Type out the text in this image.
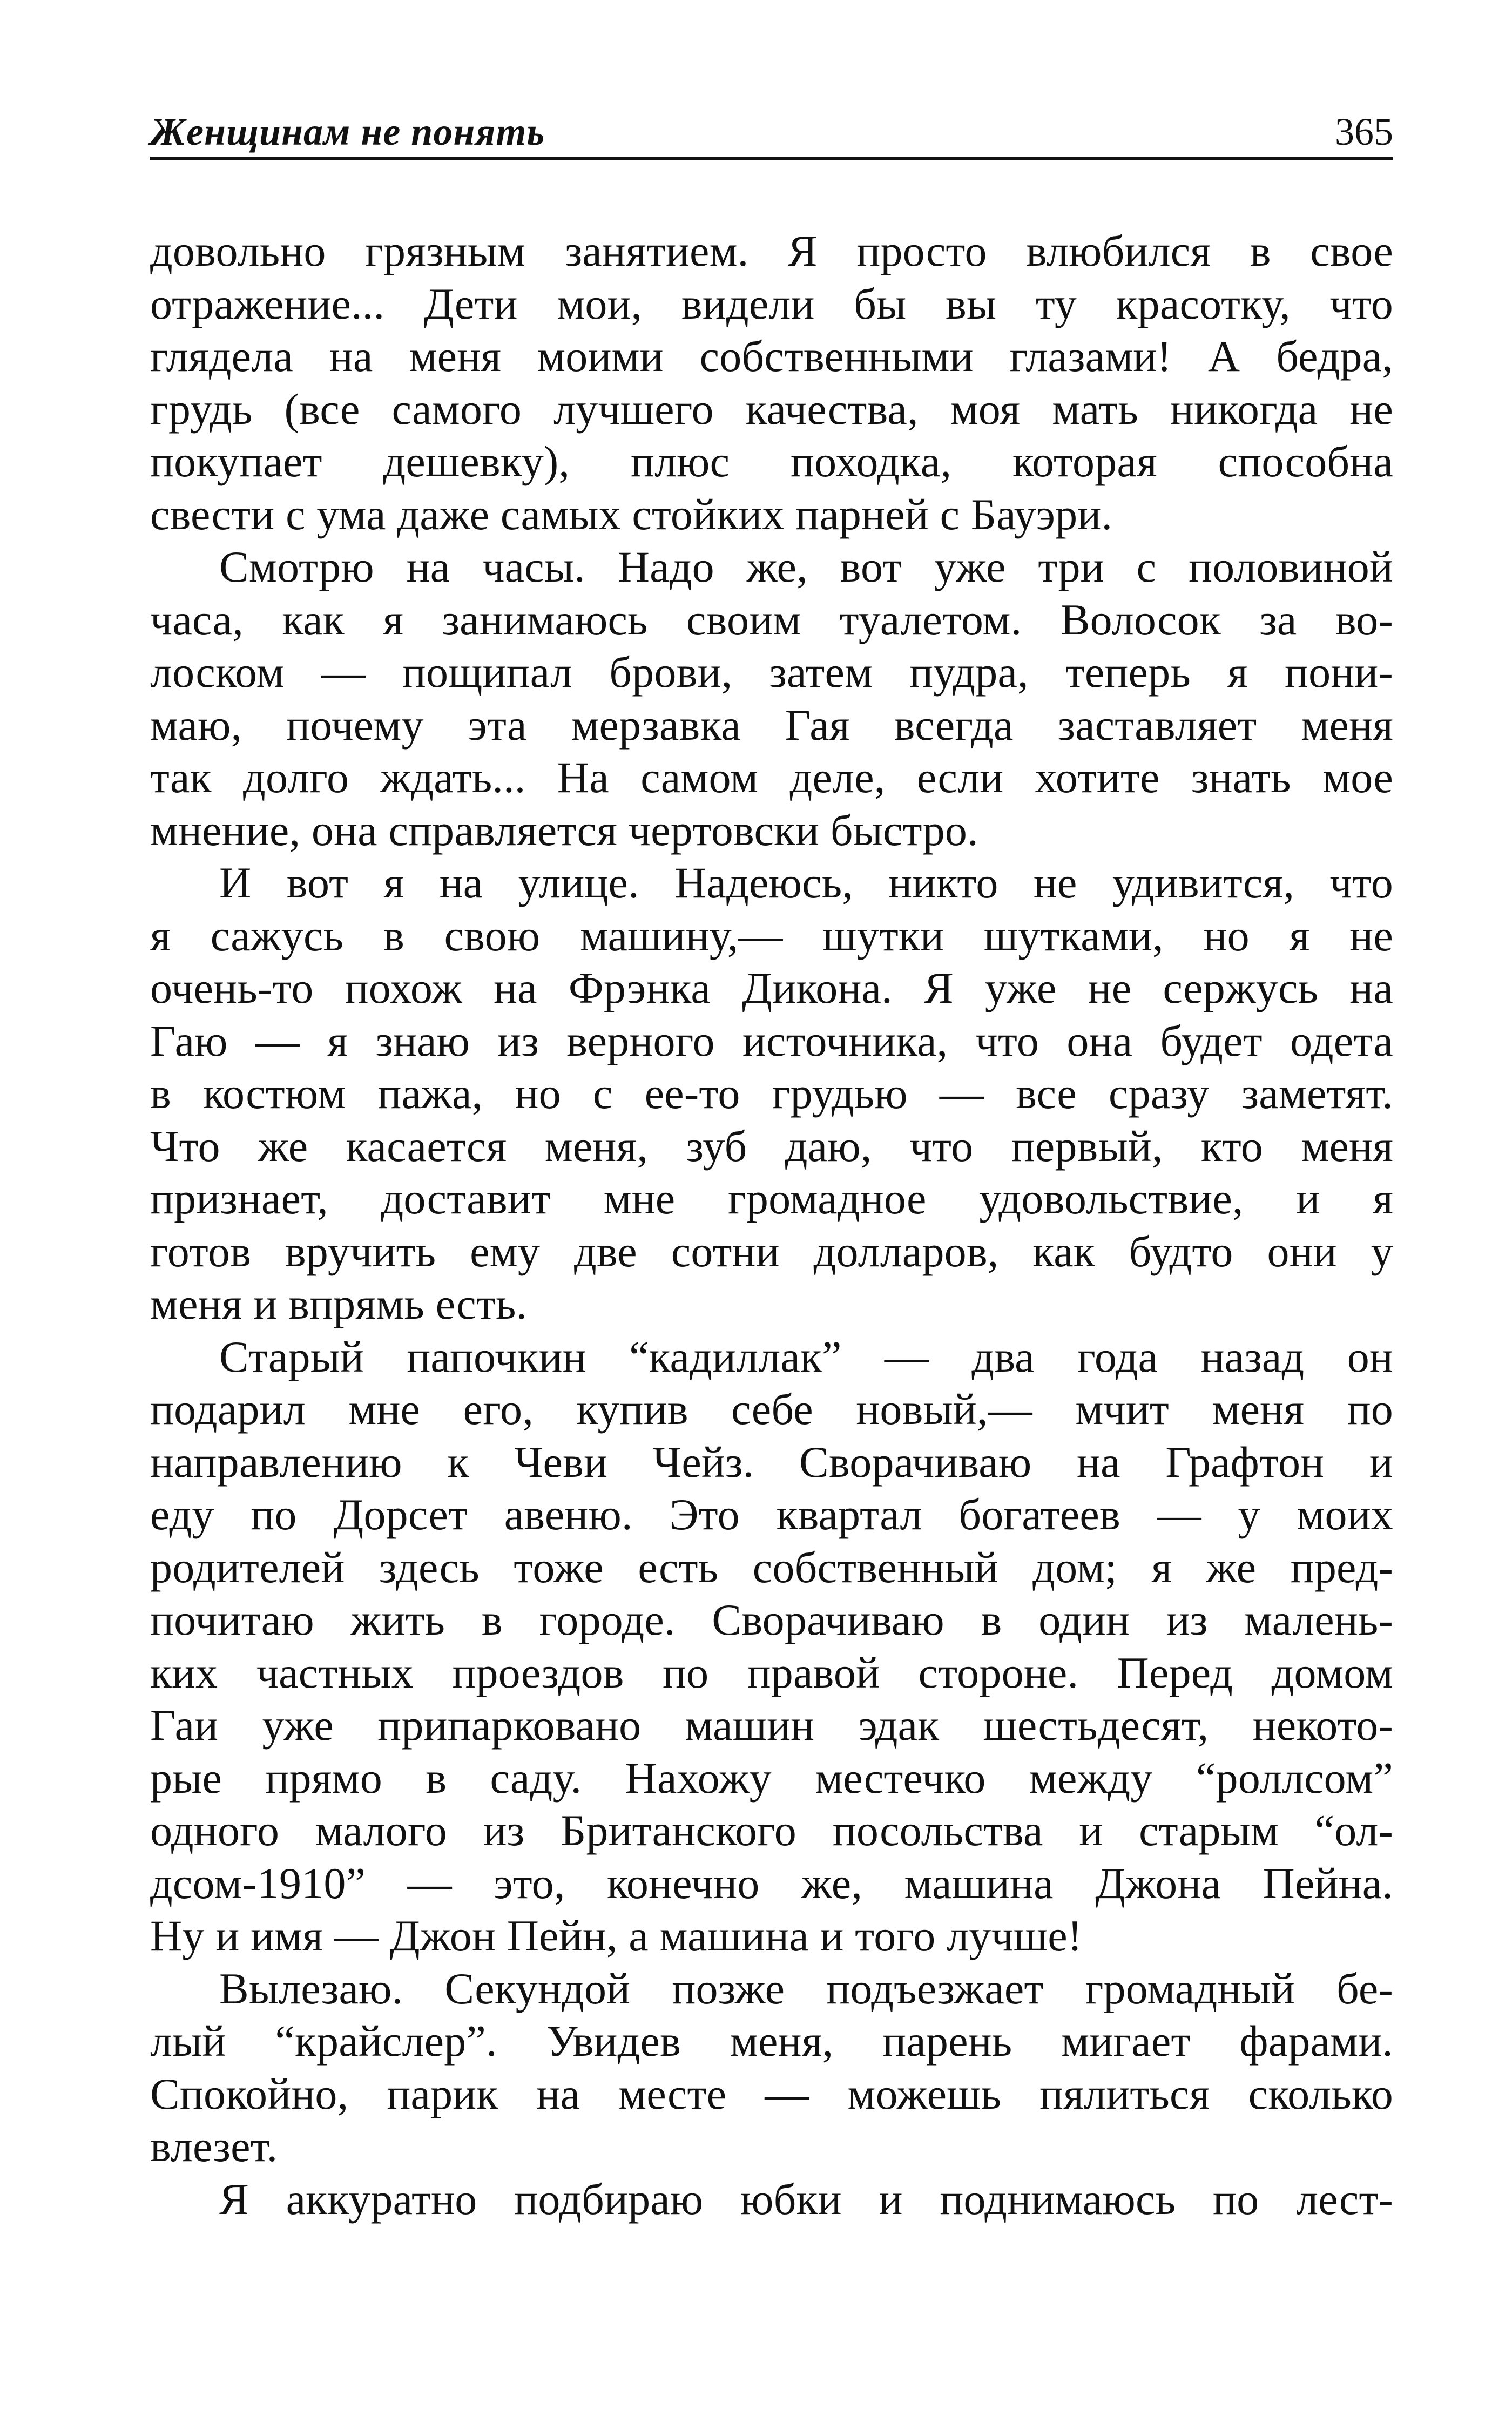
Женщинам не понять	365
довольно грязным занятием. Я просто влюбился в свое
отражение... Дети мои, видели бы вы ту красотку, что
глядела на меня моими собственными глазами! А бедра,
грудь (все самого лучшего качества, моя мать никогда не
покупает дешевку), плюс походка, которая способна
свести с ума даже самых стойких парней с Бауэри.
Смотрю на часы. Надо же, вот уже три с половиной
часа, как я занимаюсь своим туалетом. Волосок за во-
лоском — пощипал брови, затем пудра, теперь я пони-
маю, почему эта мерзавка Гая всегда заставляет меня
так долго ждать... На самом деле, если хотите знать мое
мнение, она справляется чертовски быстро.
И вот я на улице. Надеюсь, никто не удивится, что
я сажусь в свою машину,— шутки шутками, но я не
очень-то похож на Фрэнка Дикона. Я уже не сержусь на
Гаю — я знаю из верного источника, что она будет одета
в костюм пажа, но с ее-то грудью — все сразу заметят.
Что же касается меня, зуб даю, что первый, кто меня
признает, доставит мне громадное удовольствие, и я
готов вручить ему две сотни долларов, как будто они у
меня и впрямь есть.
Старый папочкин “кадиллак” — два года назад он
подарил мне его, купив себе новый,— мчит меня по
направлению к Чеви Чейз. Сворачиваю на Графтон и
еду по Дорсет авеню. Это квартал богатеев — у моих
родителей здесь тоже есть собственный дом; я же пред-
почитаю жить в городе. Сворачиваю в один из малень-
ких частных проездов по правой стороне. Перед домом
Гаи уже припарковано машин эдак шестьдесят, некото-
рые прямо в саду. Нахожу местечко между “роллсом”
одного малого из Британского посольства и старым “ол-
дсом-1910” — это, конечно же, машина Джона Пейна.
Ну и имя — Джон Пейн, а машина и того лучше!
Вылезаю. Секундой позже подъезжает громадный бе-
лый “крайслер”. Увидев меня, парень мигает фарами.
Спокойно, парик на месте — можешь пялиться сколько
влезет.
Я аккуратно подбираю юбки и поднимаюсь по лест-
